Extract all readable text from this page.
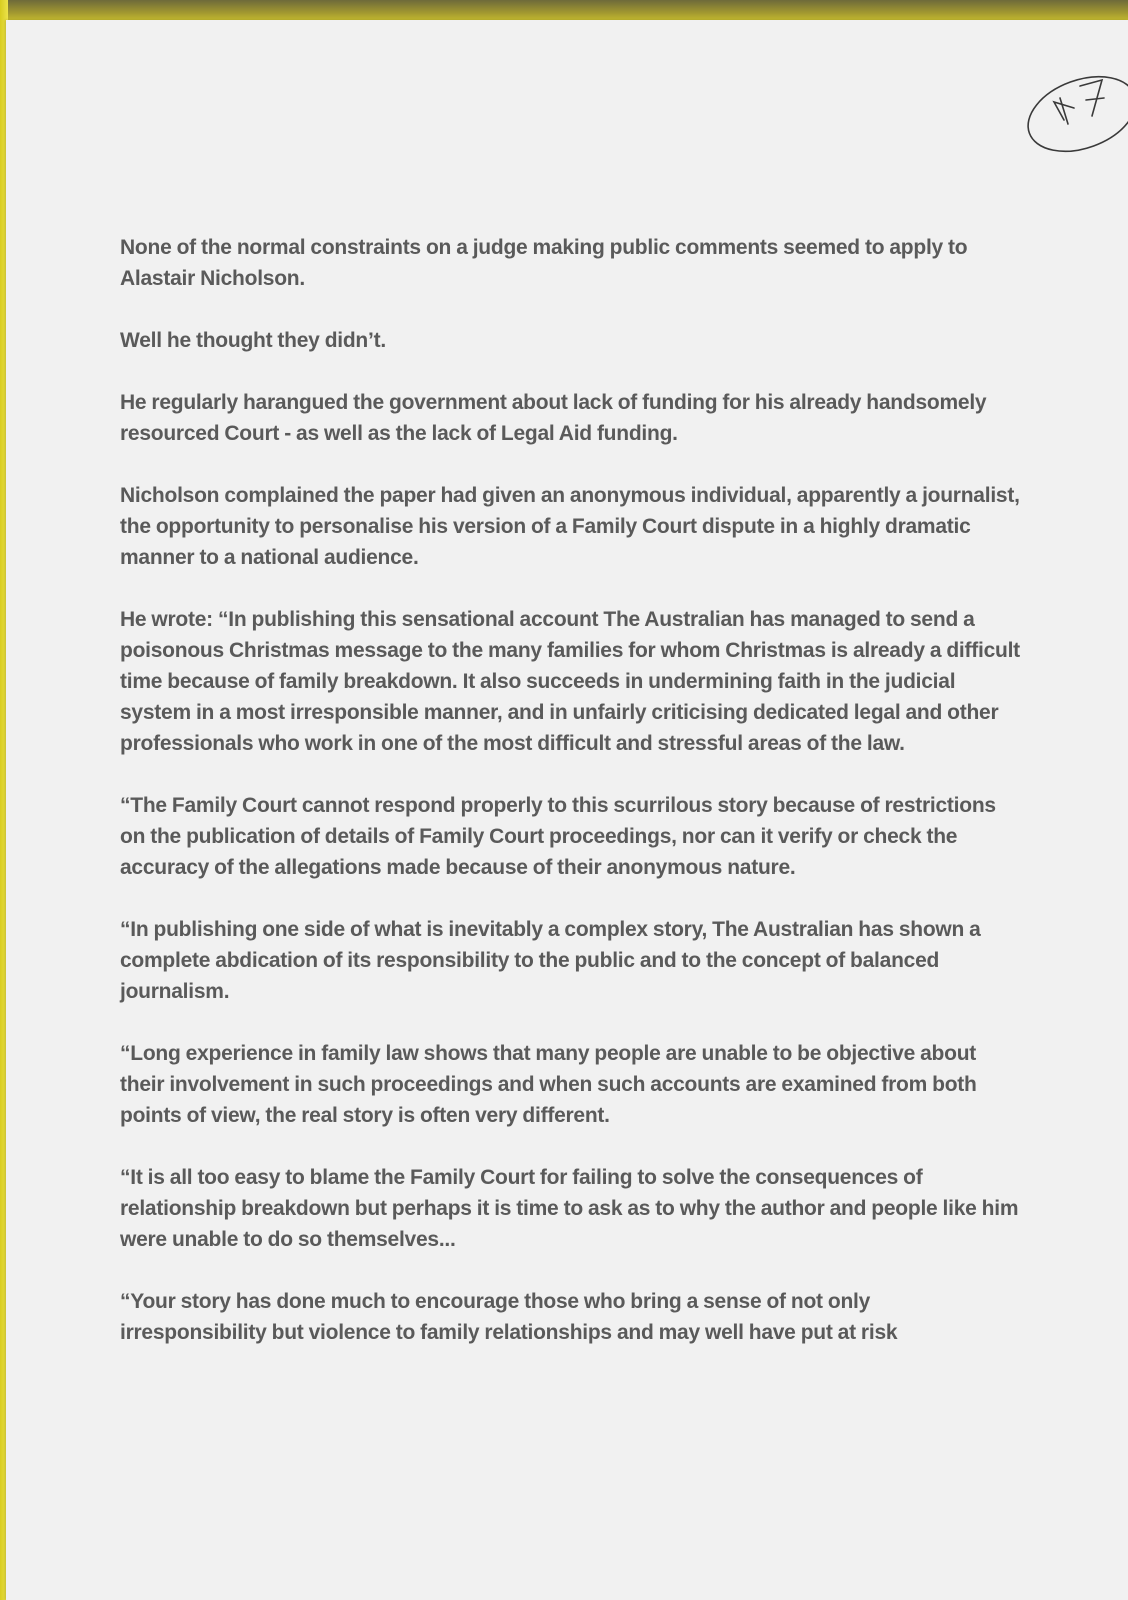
None of the normal constraints on a judge making public comments seemed to apply to Alastair Nicholson.

Well he thought they didn’t.

He regularly harangued the government about lack of funding for his already handsomely resourced Court - as well as the lack of Legal Aid funding.

Nicholson complained the paper had given an anonymous individual, apparently a journalist, the opportunity to personalise his version of a Family Court dispute in a highly dramatic manner to a national audience.

He wrote: “In publishing this sensational account The Australian has managed to send a poisonous Christmas message to the many families for whom Christmas is already a difficult time because of family breakdown. It also succeeds in undermining faith in the judicial system in a most irresponsible manner, and in unfairly criticising dedicated legal and other professionals who work in one of the most difficult and stressful areas of the law.

“The Family Court cannot respond properly to this scurrilous story because of restrictions on the publication of details of Family Court proceedings, nor can it verify or check the accuracy of the allegations made because of their anonymous nature.

“In publishing one side of what is inevitably a complex story, The Australian has shown a complete abdication of its responsibility to the public and to the concept of balanced journalism.

“Long experience in family law shows that many people are unable to be objective about their involvement in such proceedings and when such accounts are examined from both points of view, the real story is often very different.

“It is all too easy to blame the Family Court for failing to solve the consequences of relationship breakdown but perhaps it is time to ask as to why the author and people like him were unable to do so themselves...

“Your story has done much to encourage those who bring a sense of not only irresponsibility but violence to family relationships and may well have put at risk
